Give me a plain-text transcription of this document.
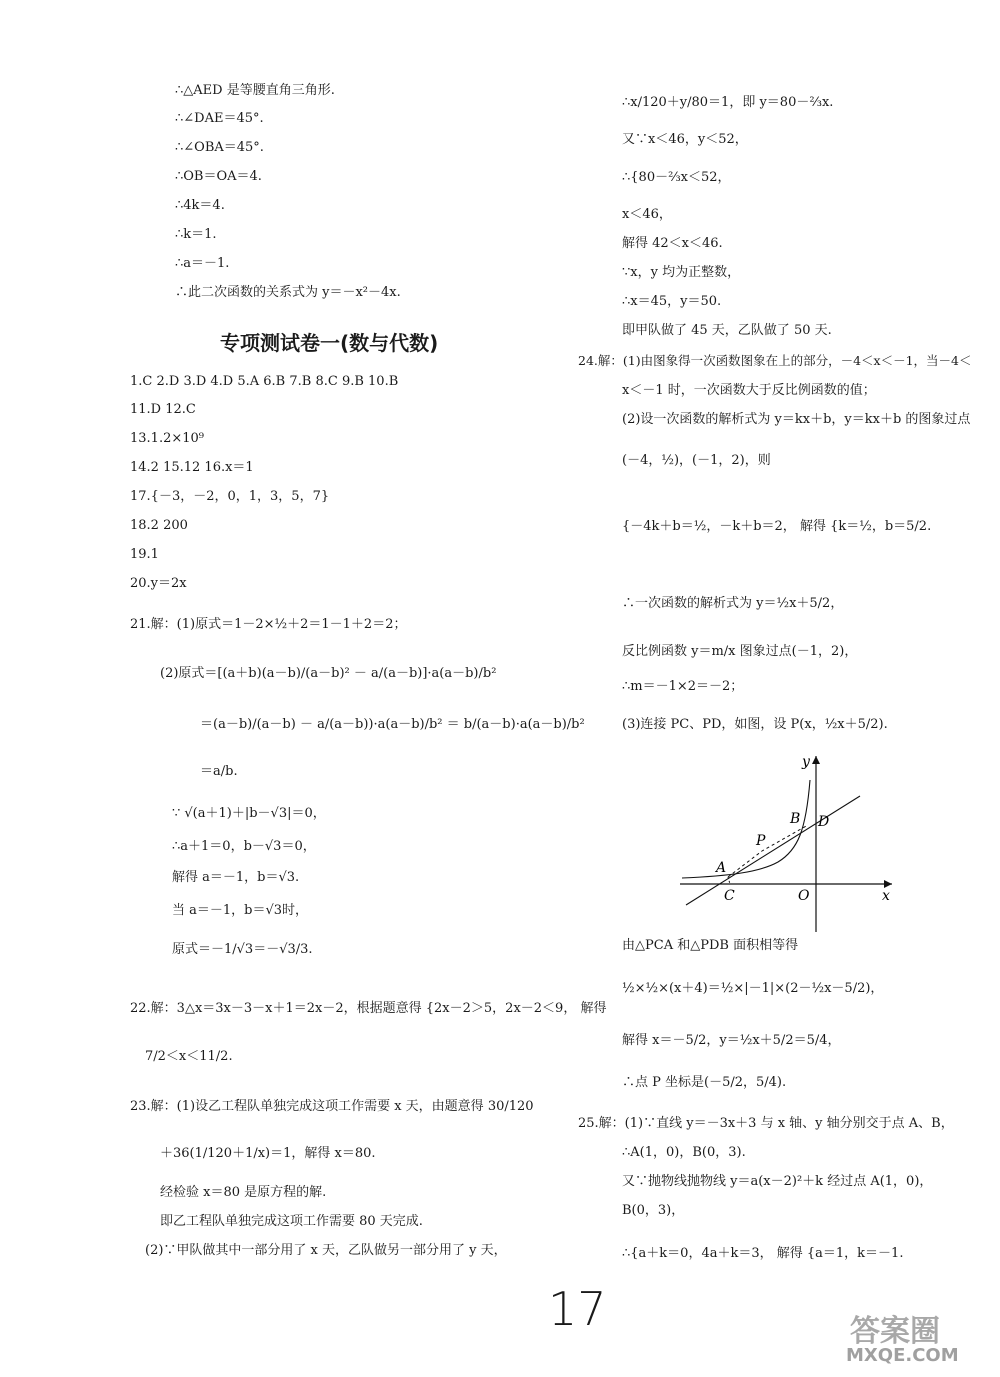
∴△AED 是等腰直角三角形.
∴∠DAE＝45°.
∴∠OBA＝45°.
∴OB＝OA＝4.
∴4k＝4.
∴k＝1.
∴a＝－1.
∴此二次函数的关系式为 y＝－x²－4x.
专项测试卷一(数与代数)
1.C 2.D 3.D 4.D 5.A 6.B 7.B 8.C 9.B 10.B
11.D 12.C
13.1.2×10⁹
14.2 15.12 16.x＝1
17.{－3，－2，0，1，3，5，7}
18.2 200
19.1
20.y＝2x
21.解：(1)原式＝1－2×½＋2＝1－1＋2＝2；
(2)原式＝[(a＋b)(a－b)/(a－b)² － a/(a－b)]·a(a－b)/b²
＝(a－b)/(a－b) － a/(a－b))·a(a－b)/b² ＝ b/(a－b)·a(a－b)/b²
＝a/b.
∵ √(a＋1)＋|b－√3|＝0，
∴a＋1＝0，b－√3＝0，
解得 a＝－1，b＝√3.
当 a＝－1，b＝√3时，
原式＝－1/√3＝－√3/3.
22.解：3△x＝3x－3－x＋1＝2x－2，根据题意得 {2x－2＞5，2x－2＜9， 解得
7/2＜x＜11/2.
23.解：(1)设乙工程队单独完成这项工作需要 x 天，由题意得 30/120
＋36(1/120＋1/x)＝1，解得 x＝80.
经检验 x＝80 是原方程的解.
即乙工程队单独完成这项工作需要 80 天完成.
(2)∵甲队做其中一部分用了 x 天，乙队做另一部分用了 y 天，
∴x/120＋y/80＝1，即 y＝80－⅔x.
又∵x＜46，y＜52，
∴{80－⅔x＜52，
x＜46，
解得 42＜x＜46.
∵x，y 均为正整数，
∴x＝45，y＝50.
即甲队做了 45 天，乙队做了 50 天.
24.解：(1)由图象得一次函数图象在上的部分，－4＜x＜－1，当－4＜
x＜－1 时，一次函数大于反比例函数的值；
(2)设一次函数的解析式为 y＝kx＋b，y＝kx＋b 的图象过点
(－4，½)，(－1，2)，则
{－4k＋b＝½，－k＋b＝2， 解得 {k＝½，b＝5/2.
∴一次函数的解析式为 y＝½x＋5/2，
反比例函数 y＝m/x 图象过点(－1，2)，
∴m＝－1×2＝－2；
(3)连接 PC、PD，如图，设 P(x，½x＋5/2).
y
B D
P
A
C	O	x
由△PCA 和△PDB 面积相等得
½×½×(x＋4)＝½×|－1|×(2－½x－5/2)，
解得 x＝－5/2，y＝½x＋5/2＝5/4，
∴点 P 坐标是(－5/2，5/4).
25.解：(1)∵直线 y＝－3x＋3 与 x 轴、y 轴分别交于点 A、B，
∴A(1，0)，B(0，3).
又∵抛物线抛物线 y＝a(x－2)²＋k 经过点 A(1，0)，
B(0，3)，
∴{a＋k＝0，4a＋k＝3， 解得 {a＝1，k＝－1.
17	答案圈
MXQE.COM
